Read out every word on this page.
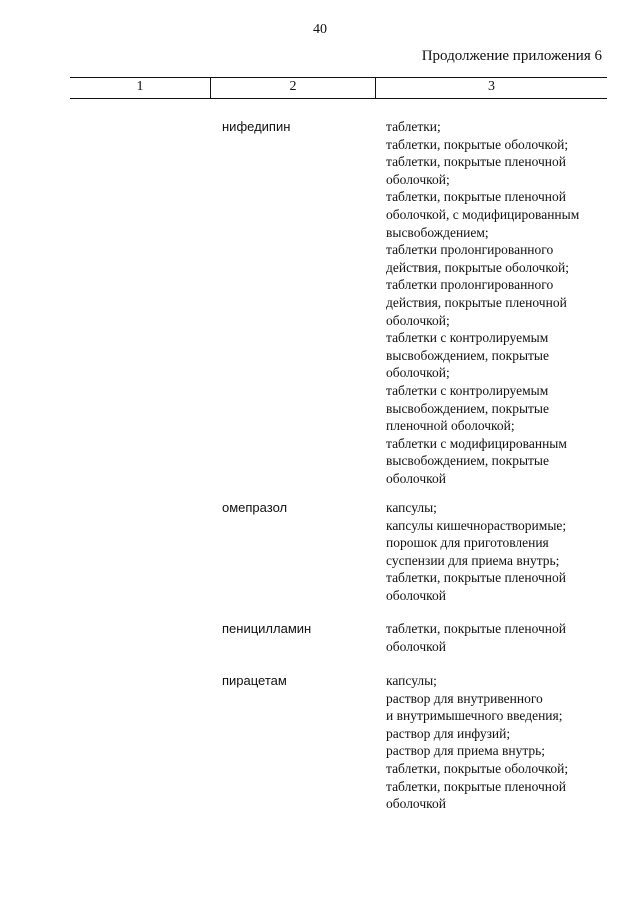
40
Продолжение приложения 6
1	2	3
нифедипин	таблетки;
таблетки, покрытые оболочкой;
таблетки, покрытые пленочной
оболочкой;
таблетки, покрытые пленочной
оболочкой, с модифицированным
высвобождением;
таблетки пролонгированного
действия, покрытые оболочкой;
таблетки пролонгированного
действия, покрытые пленочной
оболочкой;
таблетки с контролируемым
высвобождением, покрытые
оболочкой;
таблетки с контролируемым
высвобождением, покрытые
пленочной оболочкой;
таблетки с модифицированным
высвобождением, покрытые
оболочкой
омепразол	капсулы;
капсулы кишечнорастворимые;
порошок для приготовления
суспензии для приема внутрь;
таблетки, покрытые пленочной
оболочкой
пеницилламин	таблетки, покрытые пленочной
оболочкой
пирацетам	капсулы;
раствор для внутривенного
и внутримышечного введения;
раствор для инфузий;
раствор для приема внутрь;
таблетки, покрытые оболочкой;
таблетки, покрытые пленочной
оболочкой
